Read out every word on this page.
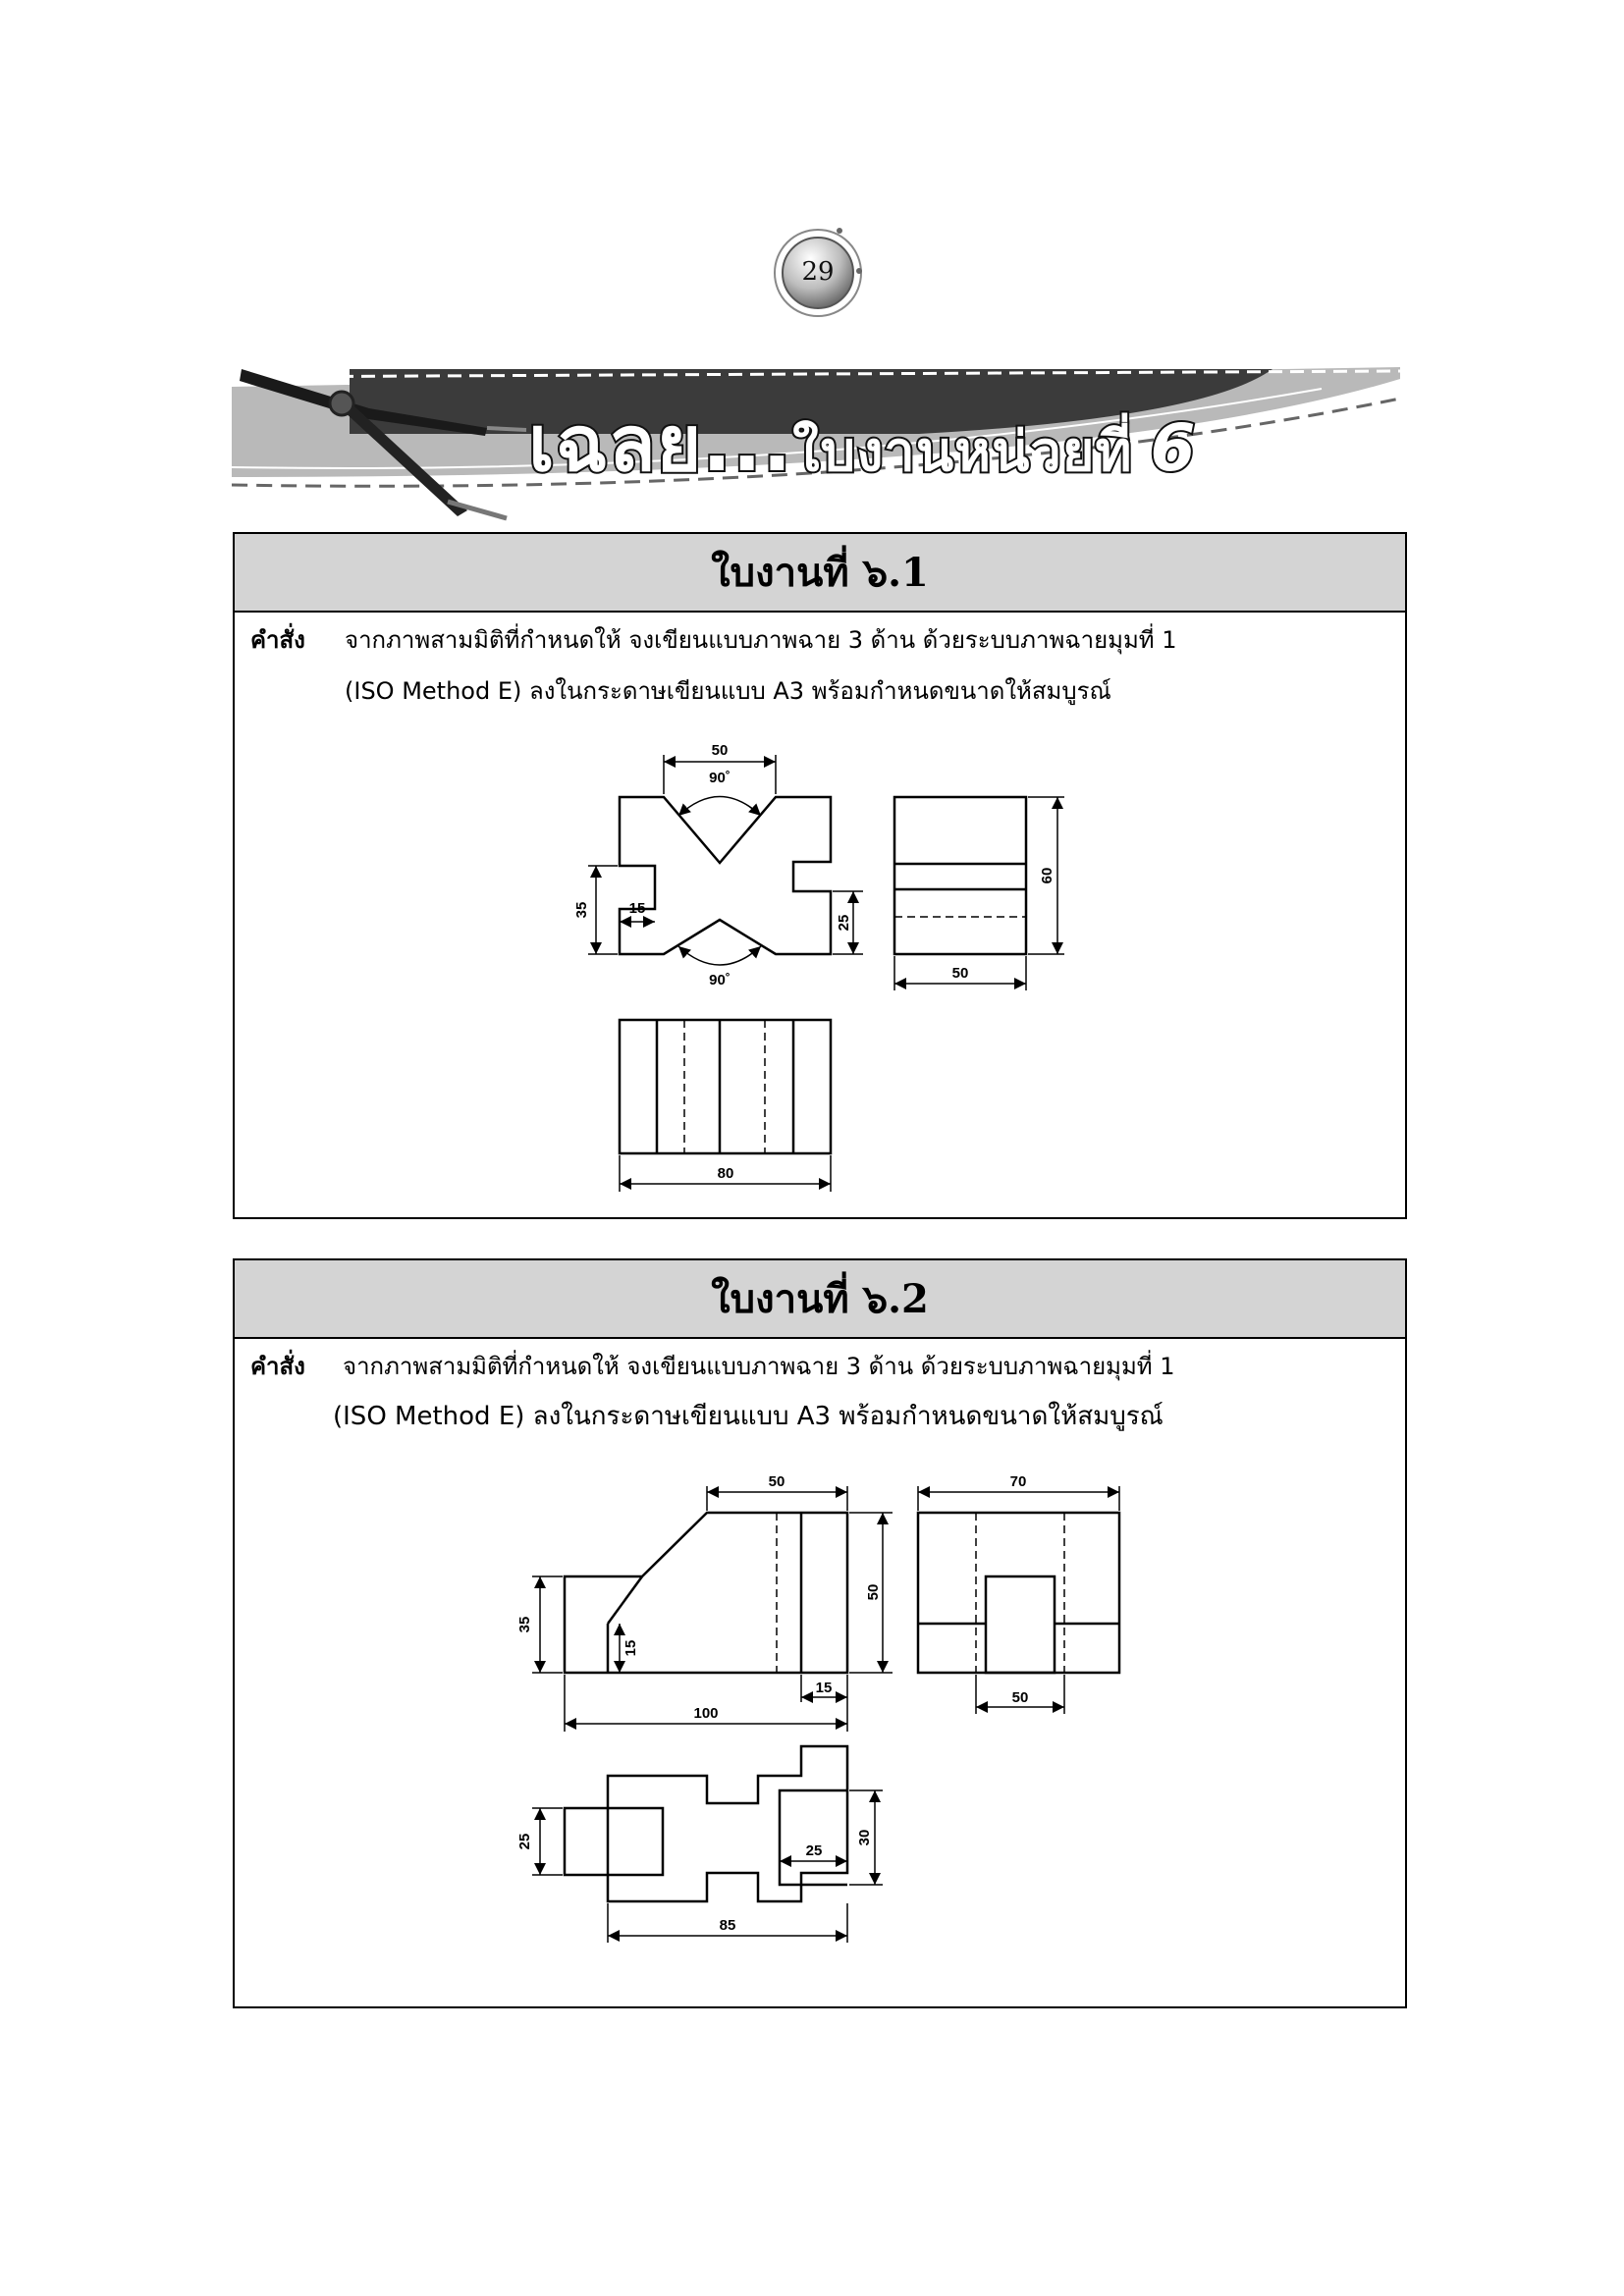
29
เฉลย...ใบงานหน่วยที่ 6
ใบงานที่ ๖.1
คำสั่ง จากภาพสามมิติที่กำหนดให้ จงเขียนแบบภาพฉาย 3 ด้าน ด้วยระบบภาพฉายมุมที่ 1
(ISO Method E) ลงในกระดาษเขียนแบบ A3 พร้อมกำหนดขนาดให้สมบูรณ์
50
90˚
35	15
90˚
25
60
50
80
ใบงานที่ ๖.2
คำสั่ง จากภาพสามมิติที่กำหนดให้ จงเขียนแบบภาพฉาย 3 ด้าน ด้วยระบบภาพฉายมุมที่ 1
(ISO Method E) ลงในกระดาษเขียนแบบ A3 พร้อมกำหนดขนาดให้สมบูรณ์
50
35
15
50
15
100
70
50
25
25
30
85
